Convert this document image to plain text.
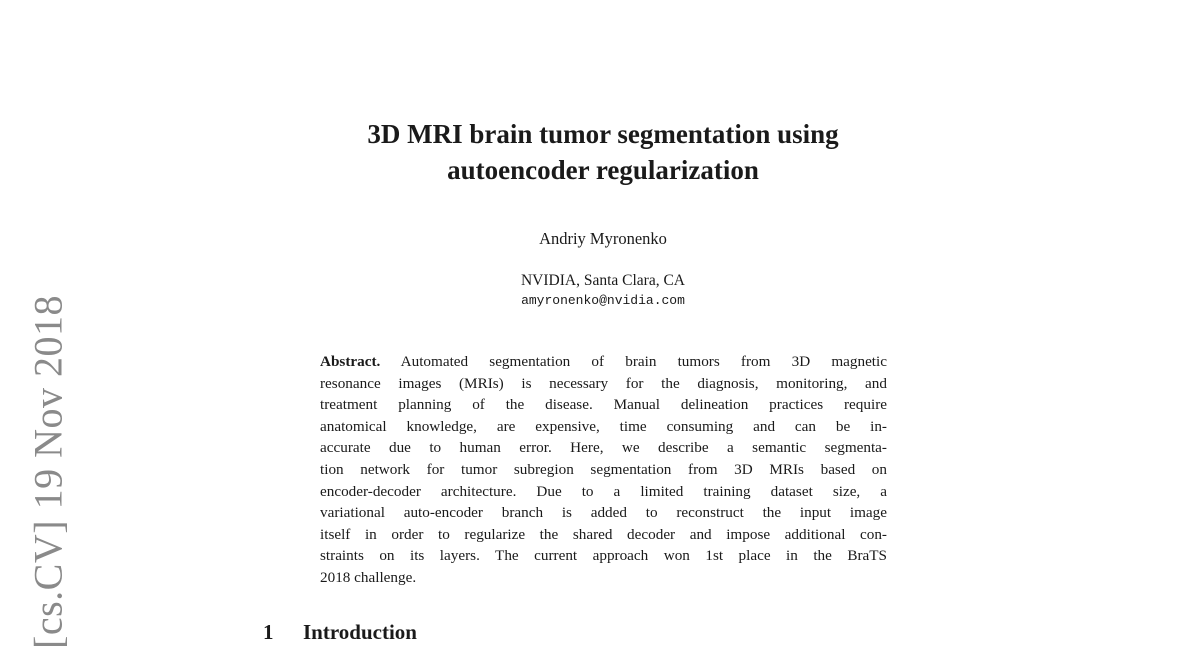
[cs.CV] 19 Nov 2018
3D MRI brain tumor segmentation using
autoencoder regularization
Andriy Myronenko
NVIDIA, Santa Clara, CA
amyronenko@nvidia.com
Abstract. Automated segmentation of brain tumors from 3D magnetic
resonance images (MRIs) is necessary for the diagnosis, monitoring, and
treatment planning of the disease. Manual delineation practices require
anatomical knowledge, are expensive, time consuming and can be in-
accurate due to human error. Here, we describe a semantic segmenta-
tion network for tumor subregion segmentation from 3D MRIs based on
encoder-decoder architecture. Due to a limited training dataset size, a
variational auto-encoder branch is added to reconstruct the input image
itself in order to regularize the shared decoder and impose additional con-
straints on its layers. The current approach won 1st place in the BraTS
2018 challenge.
1 Introduction
